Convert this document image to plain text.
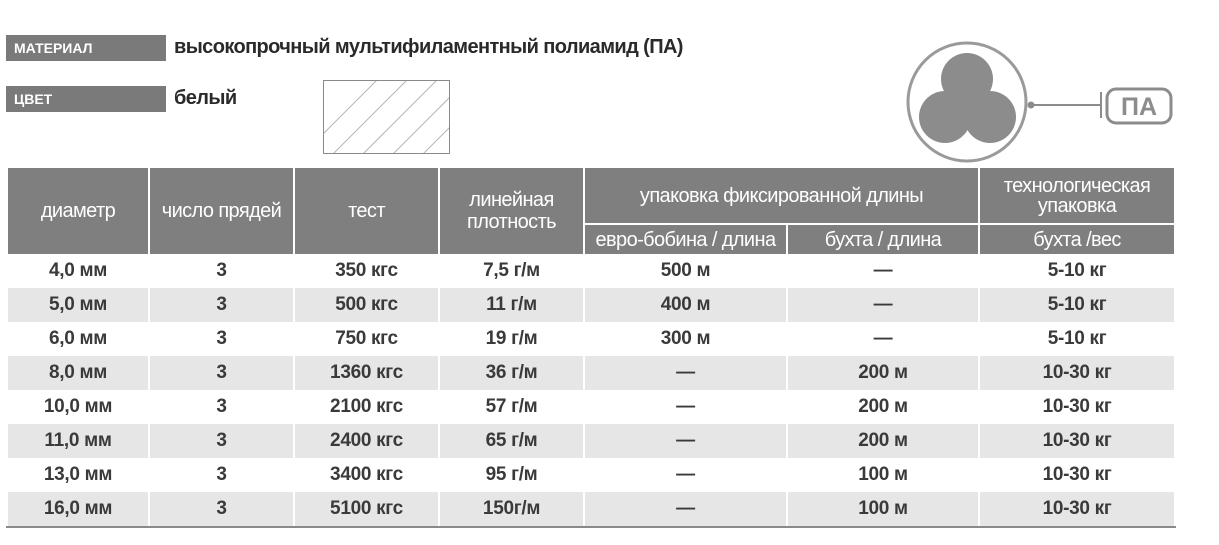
МАТЕРИАЛ	высокопрочный мультифиламентный полиамид (ПА)
ЦВЕТ	белый	ПА
диаметр	число прядей	тест	линейная плотность	упаковка фиксированной длины		технологическая упаковка
				евро-бобина / длина	бухта / длина	бухта /вес
4,0 мм	3	350 кгс	7,5 г/м	500 м	—	5-10 кг
5,0 мм	3	500 кгс	11 г/м	400 м	—	5-10 кг
6,0 мм	3	750 кгс	19 г/м	300 м	—	5-10 кг
8,0 мм	3	1360 кгс	36 г/м	—	200 м	10-30 кг
10,0 мм	3	2100 кгс	57 г/м	—	200 м	10-30 кг
11,0 мм	3	2400 кгс	65 г/м	—	200 м	10-30 кг
13,0 мм	3	3400 кгс	95 г/м	—	100 м	10-30 кг
16,0 мм	3	5100 кгс	150г/м	—	100 м	10-30 кг
